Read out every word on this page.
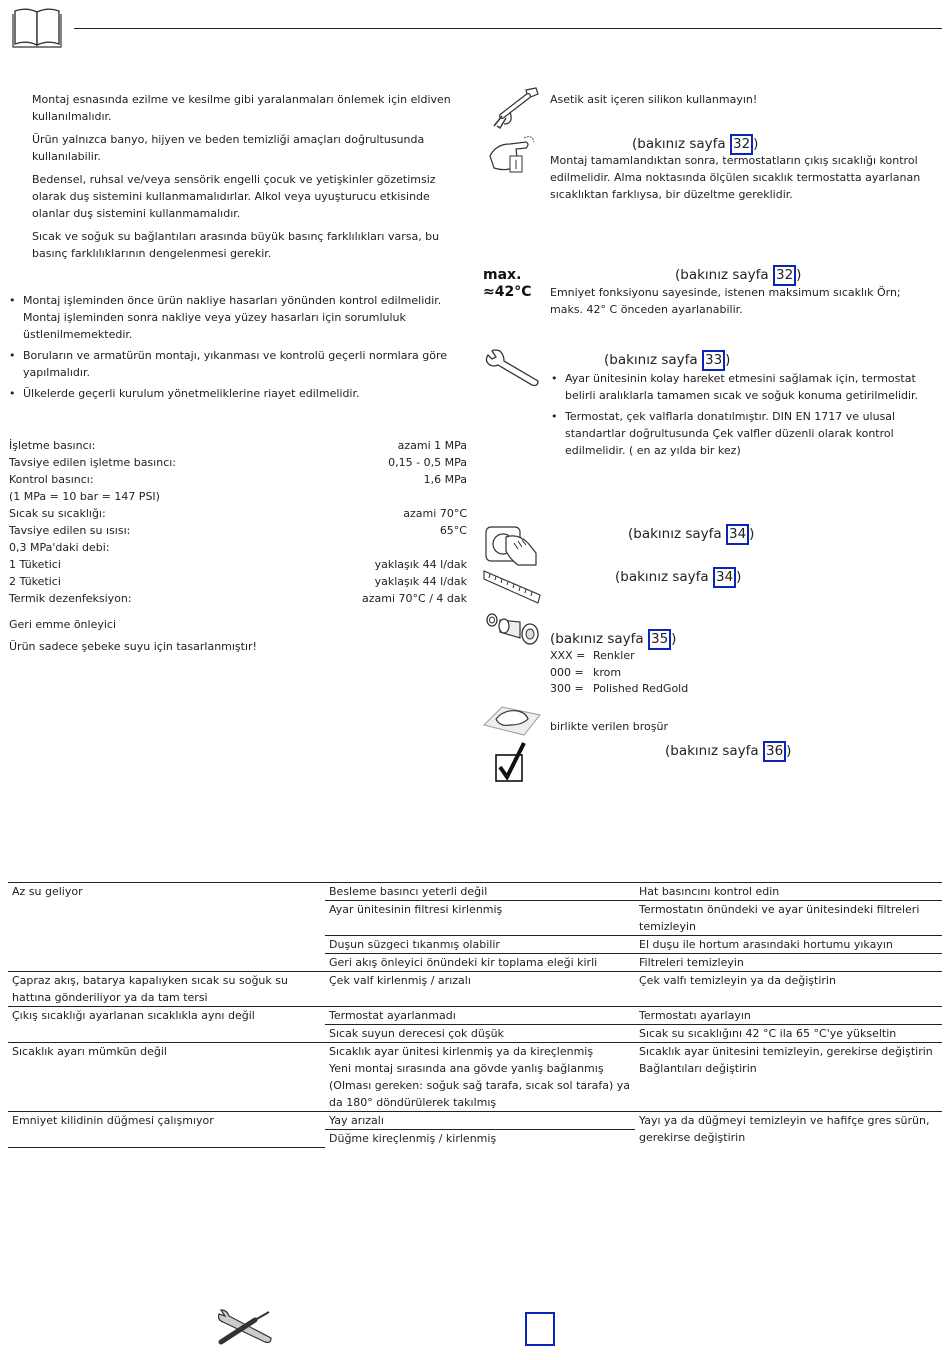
Montaj esnasında ezilme ve kesilme gibi yaralanmaları önlemek için eldiven kullanılmalıdır.

Ürün yalnızca banyo, hijyen ve beden temizliği amaçları doğrultusunda kullanılabilir.

Bedensel, ruhsal ve/veya sensörik engelli çocuk ve yetişkinler gözetimsiz olarak duş sistemini kullanmamalıdırlar. Alkol veya uyuşturucu etkisinde olanlar duş sistemini kullanmamalıdır.

Sıcak ve soğuk su bağlantıları arasında büyük basınç farklılıkları varsa, bu basınç farklılıklarının dengelenmesi gerekir.

• Montaj işleminden önce ürün nakliye hasarları yönünden kontrol edilmelidir. Montaj işleminden sonra nakliye veya yüzey hasarları için sorumluluk üstlenilmemektedir.
• Boruların ve armatürün montajı, yıkanması ve kontrolü geçerli normlara göre yapılmalıdır.
• Ülkelerde geçerli kurulum yönetmeliklerine riayet edilmelidir.
İşletme basıncı:	azami 1 MPa
Tavsiye edilen işletme basıncı:	0,15 - 0,5 MPa
Kontrol basıncı:	1,6 MPa
(1 MPa = 10 bar = 147 PSI)
Sıcak su sıcaklığı:	azami 70°C
Tavsiye edilen su ısısı:	65°C
0,3 MPa'daki debi:
1 Tüketici	yaklaşık 44 l/dak
2 Tüketici	yaklaşık 44 l/dak
Termik dezenfeksiyon:	azami 70°C / 4 dak
Geri emme önleyici
Ürün sadece şebeke suyu için tasarlanmıştır!
Asetik asit içeren silikon kullanmayın!
(bakınız sayfa 32 )
Montaj tamamlandıktan sonra, termostatların çıkış sıcaklığı kontrol edilmelidir. Alma noktasında ölçülen sıcaklık termostatta ayarlanan sıcaklıktan farklıysa, bir düzeltme gereklidir.
max.
≈42°C
(bakınız sayfa 32 )
Emniyet fonksiyonu sayesinde, istenen maksimum sıcaklık Örn; maks. 42° C önceden ayarlanabilir.
(bakınız sayfa 33 )
• Ayar ünitesinin kolay hareket etmesini sağlamak için, termostat belirli aralıklarla tamamen sıcak ve soğuk konuma getirilmelidir.
• Termostat, çek valflarla donatılmıştır. DIN EN 1717 ve ulusal standartlar doğrultusunda Çek valfler düzenli olarak kontrol edilmelidir. ( en az yılda bir kez)
(bakınız sayfa 34 )
(bakınız sayfa 34 )
(bakınız sayfa 35 )
XXX = Renkler
000 = krom
300 = Polished RedGold
birlikte verilen broşür
(bakınız sayfa 36 )
Az su geliyor	Besleme basıncı yeterli değil	Hat basıncını kontrol edin
	Ayar ünitesinin filtresi kirlenmiş	Termostatın önündeki ve ayar ünitesindeki filtreleri temizleyin
	Duşun süzgeci tıkanmış olabilir	El duşu ile hortum arasındaki hortumu yıkayın
	Geri akış önleyici önündeki kir toplama eleği kirli	Filtreleri temizleyin
Çapraz akış, batarya kapalıyken sıcak su soğuk su hattına gönderiliyor ya da tam tersi	Çek valf kirlenmiş / arızalı	Çek valfı temizleyin ya da değiştirin
Çıkış sıcaklığı ayarlanan sıcaklıkla aynı değil	Termostat ayarlanmadı	Termostatı ayarlayın
	Sıcak suyun derecesi çok düşük	Sıcak su sıcaklığını 42 °C ila 65 °C'ye yükseltin
Sıcaklık ayarı mümkün değil	Sıcaklık ayar ünitesi kirlenmiş ya da kireçlenmiş	Sıcaklık ayar ünitesini temizleyin, gerekirse değiştirin
	Yeni montaj sırasında ana gövde yanlış bağlanmış (Olması gereken: soğuk sağ tarafa, sıcak sol tarafa) ya da 180° döndürülerek takılmış	Bağlantıları değiştirin
Emniyet kilidinin düğmesi çalışmıyor	Yay arızalı	Yayı ya da düğmeyi temizleyin ve hafifçe gres sürün, gerekirse değiştirin
	Düğme kireçlenmiş / kirlenmiş	
